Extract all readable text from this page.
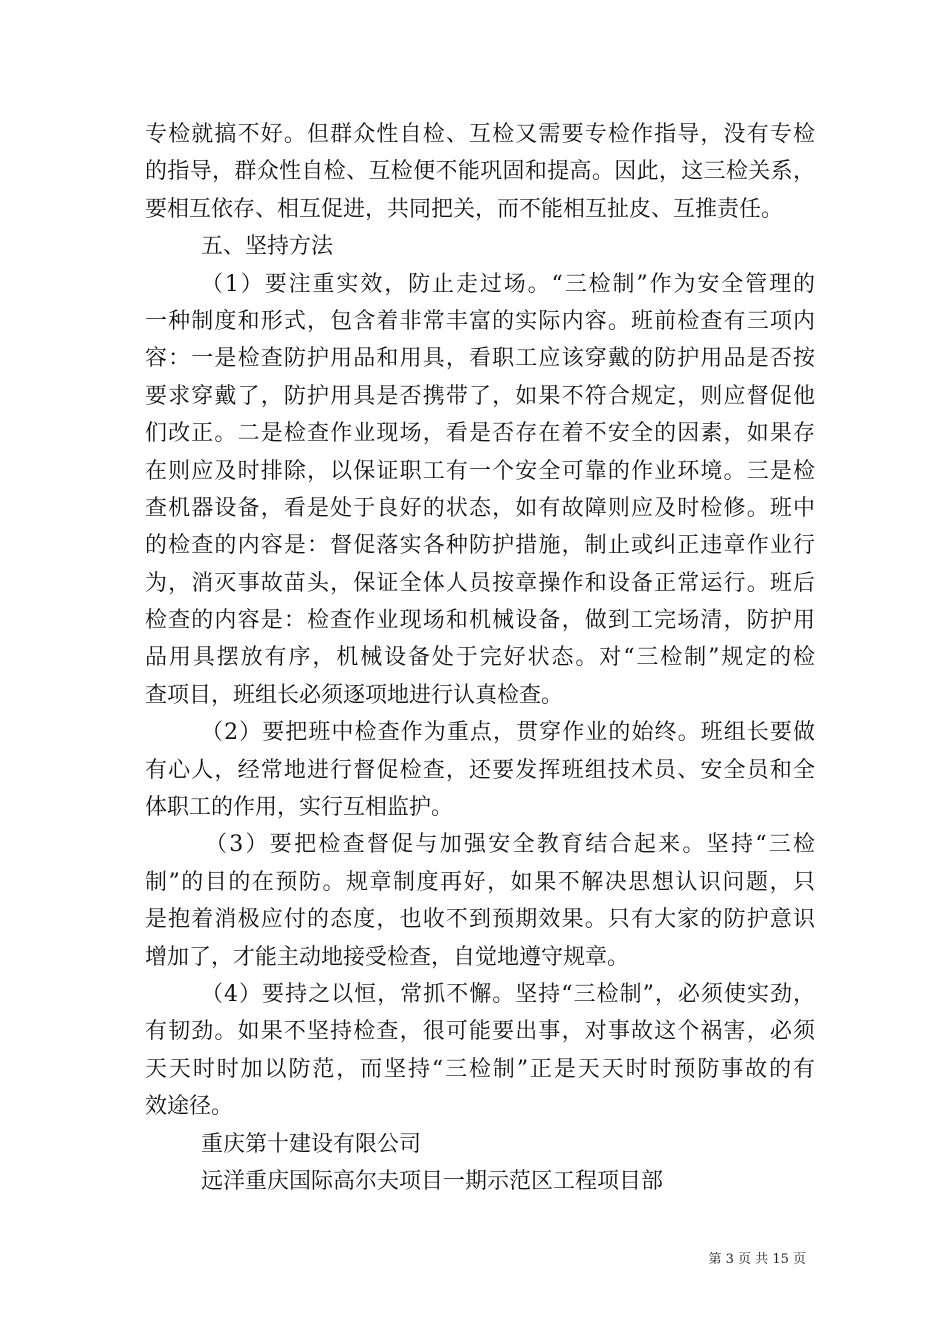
专检就搞不好。但群众性自检、互检又需要专检作指导，没有专检
的指导，群众性自检、互检便不能巩固和提高。因此，这三检关系，
要相互依存、相互促进，共同把关，而不能相互扯皮、互推责任。
五、坚持方法
（1）要注重实效，防止走过场。“三检制”作为安全管理的
一种制度和形式，包含着非常丰富的实际内容。班前检查有三项内
容：一是检查防护用品和用具，看职工应该穿戴的防护用品是否按
要求穿戴了，防护用具是否携带了，如果不符合规定，则应督促他
们改正。二是检查作业现场，看是否存在着不安全的因素，如果存
在则应及时排除，以保证职工有一个安全可靠的作业环境。三是检
查机器设备，看是处于良好的状态，如有故障则应及时检修。班中
的检查的内容是：督促落实各种防护措施，制止或纠正违章作业行
为，消灭事故苗头，保证全体人员按章操作和设备正常运行。班后
检查的内容是：检查作业现场和机械设备，做到工完场清，防护用
品用具摆放有序，机械设备处于完好状态。对“三检制”规定的检
查项目，班组长必须逐项地进行认真检查。
（2）要把班中检查作为重点，贯穿作业的始终。班组长要做
有心人，经常地进行督促检查，还要发挥班组技术员、安全员和全
体职工的作用，实行互相监护。
（3）要把检查督促与加强安全教育结合起来。坚持“三检
制”的目的在预防。规章制度再好，如果不解决思想认识问题，只
是抱着消极应付的态度，也收不到预期效果。只有大家的防护意识
增加了，才能主动地接受检查，自觉地遵守规章。
（4）要持之以恒，常抓不懈。坚持“三检制”，必须使实劲，
有韧劲。如果不坚持检查，很可能要出事，对事故这个祸害，必须
天天时时加以防范，而坚持“三检制”正是天天时时预防事故的有
效途径。
重庆第十建设有限公司
远洋重庆国际高尔夫项目一期示范区工程项目部
第 3 页 共 15 页
